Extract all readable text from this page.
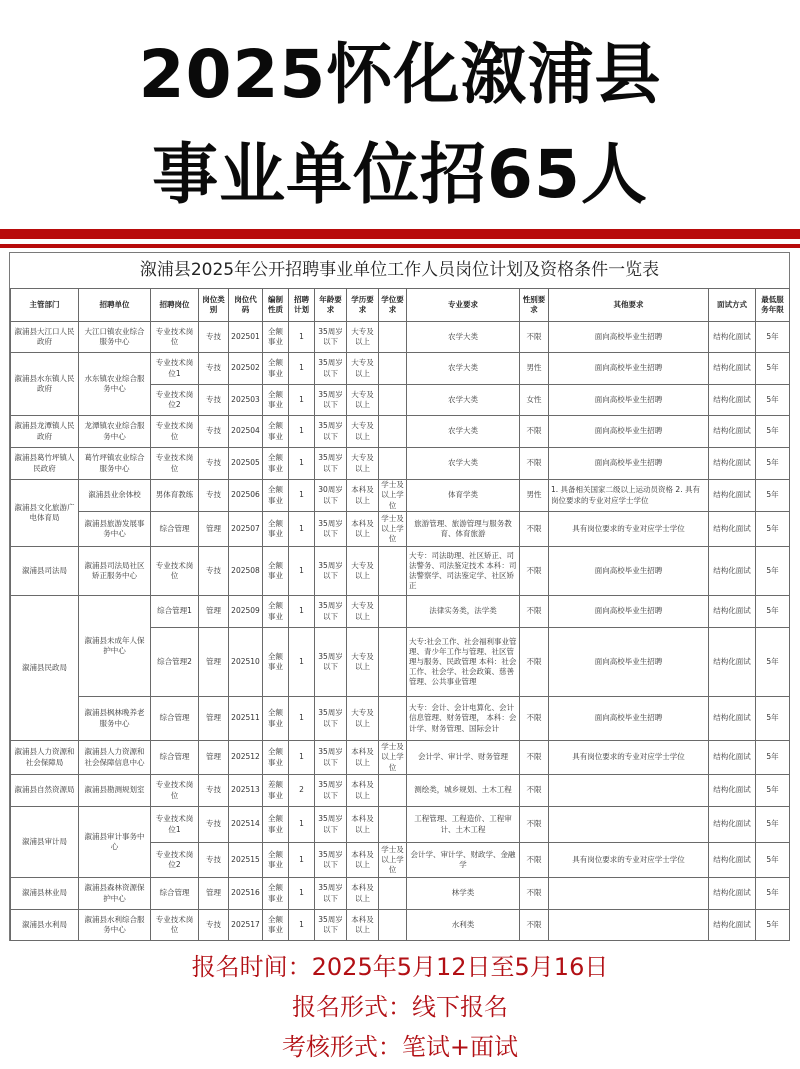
2025怀化溆浦县
事业单位招65人
溆浦县2025年公开招聘事业单位工作人员岗位计划及资格条件一览表
主管部门	招聘单位	招聘岗位	岗位类别	岗位代码	编制性质	招聘计划	年龄要求	学历要求	学位要求	专业要求	性别要求	其他要求	面试方式	最低服务年限
溆浦县大江口人民政府	大江口镇农业综合服务中心	专业技术岗位	专技	202501	全额事业	1	35周岁以下	大专及以上		农学大类	不限	面向高校毕业生招聘	结构化面试	5年
溆浦县水东镇人民政府	水东镇农业综合服务中心	专业技术岗位1	专技	202502	全额事业	1	35周岁以下	大专及以上		农学大类	男性	面向高校毕业生招聘	结构化面试	5年
		专业技术岗位2	专技	202503	全额事业	1	35周岁以下	大专及以上		农学大类	女性	面向高校毕业生招聘	结构化面试	5年
溆浦县龙潭镇人民政府	龙潭镇农业综合服务中心	专业技术岗位	专技	202504	全额事业	1	35周岁以下	大专及以上		农学大类	不限	面向高校毕业生招聘	结构化面试	5年
溆浦县葛竹坪镇人民政府	葛竹坪镇农业综合服务中心	专业技术岗位	专技	202505	全额事业	1	35周岁以下	大专及以上		农学大类	不限	面向高校毕业生招聘	结构化面试	5年
溆浦县文化旅游广电体育局	溆浦县业余体校	男体育教练	专技	202506	全额事业	1	30周岁以下	本科及以上	学士及以上学位	体育学类	男性	1. 具备相关国家二级以上运动员资格 2. 具有岗位要求的专业对应学士学位	结构化面试	5年
	溆浦县旅游发展事务中心	综合管理	管理	202507	全额事业	1	35周岁以下	本科及以上	学士及以上学位	旅游管理、旅游管理与服务教育、体育旅游	不限	具有岗位要求的专业对应学士学位	结构化面试	5年
溆浦县司法局	溆浦县司法局社区矫正服务中心	专业技术岗位	专技	202508	全额事业	1	35周岁以下	大专及以上		大专：司法助理、社区矫正、司法警务、司法鉴定技术 本科：司法警察学、司法鉴定学、社区矫正	不限	面向高校毕业生招聘	结构化面试	5年
溆浦县民政局	溆浦县未成年人保护中心	综合管理1	管理	202509	全额事业	1	35周岁以下	大专及以上		法律实务类，法学类	不限	面向高校毕业生招聘	结构化面试	5年
		综合管理2	管理	202510	全额事业	1	35周岁以下	大专及以上		大专:社会工作、社会福利事业管理、青少年工作与管理、社区管理与服务、民政管理 本科：社会工作、社会学、社会政策、慈善管理、公共事业管理	不限	面向高校毕业生招聘	结构化面试	5年
	溆浦县枫林晚养老服务中心	综合管理	管理	202511	全额事业	1	35周岁以下	大专及以上		大专：会计、会计电算化、会计信息管理、财务管理， 本科：会计学、财务管理、国际会计	不限	面向高校毕业生招聘	结构化面试	5年
溆浦县人力资源和社会保障局	溆浦县人力资源和社会保障信息中心	综合管理	管理	202512	全额事业	1	35周岁以下	本科及以上	学士及以上学位	会计学、审计学、财务管理	不限	具有岗位要求的专业对应学士学位	结构化面试	5年
溆浦县自然资源局	溆浦县勘测规划室	专业技术岗位	专技	202513	差额事业	2	35周岁以下	本科及以上		测绘类，城乡规划、土木工程	不限		结构化面试	5年
溆浦县审计局	溆浦县审计事务中心	专业技术岗位1	专技	202514	全额事业	1	35周岁以下	本科及以上		工程管理、工程造价、工程审计、土木工程	不限		结构化面试	5年
		专业技术岗位2	专技	202515	全额事业	1	35周岁以下	本科及以上	学士及以上学位	会计学、审计学、财政学、金融学	不限	具有岗位要求的专业对应学士学位	结构化面试	5年
溆浦县林业局	溆浦县森林资源保护中心	综合管理	管理	202516	全额事业	1	35周岁以下	本科及以上		林学类	不限		结构化面试	5年
溆浦县水利局	溆浦县水利综合服务中心	专业技术岗位	专技	202517	全额事业	1	35周岁以下	本科及以上		水利类	不限		结构化面试	5年
报名时间：2025年5月12日至5月16日
报名形式：线下报名
考核形式：笔试+面试
